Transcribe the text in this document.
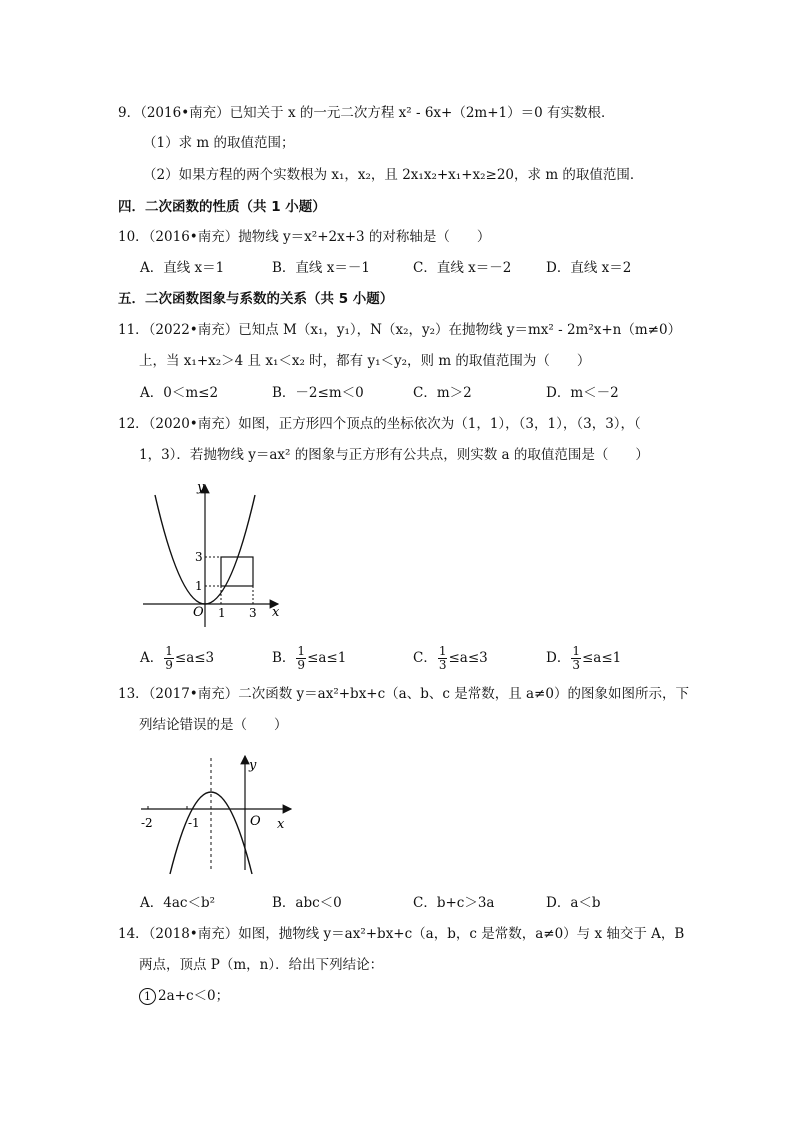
9．（2016•南充）已知关于 x 的一元二次方程 x² - 6x+（2m+1）＝0 有实数根．
（1）求 m 的取值范围；
（2）如果方程的两个实数根为 x₁，x₂，且 2x₁x₂+x₁+x₂≥20，求 m 的取值范围．
四．二次函数的性质（共 1 小题）
10．（2016•南充）抛物线 y＝x²+2x+3 的对称轴是（　　）
A．直线 x＝1	B．直线 x＝－1	C．直线 x＝－2	D．直线 x＝2
五．二次函数图象与系数的关系（共 5 小题）
11．（2022•南充）已知点 M（x₁，y₁），N（x₂，y₂）在抛物线 y＝mx² - 2m²x+n（m≠0）
上，当 x₁+x₂＞4 且 x₁＜x₂ 时，都有 y₁＜y₂，则 m 的取值范围为（　　）
A．0＜m≤2	B．－2≤m＜0	C．m＞2	D．m＜－2
12．（2020•南充）如图，正方形四个顶点的坐标依次为（1，1），（3，1），（3，3），（
1，3）．若抛物线 y＝ax² 的图象与正方形有公共点，则实数 a 的取值范围是（　　）
y
x
O 1 3
3
1
A． $\frac{1}{9} \le a\le 3$	B． $\frac{1}{9} \le a\le 1$	C． $\frac{1}{3} \le a\le 3$	D． $\frac{1}{3} \le a\le 1$
13．（2017•南充）二次函数 y＝ax²+bx+c（a、b、c 是常数，且 a≠0）的图象如图所示，下
列结论错误的是（　　）
y
x
O
-2	-1
A．4ac＜b²	B．abc＜0	C．b+c＞3a	D．a＜b
14．（2018•南充）如图，抛物线 y＝ax²+bx+c（a，b，c 是常数，a≠0）与 x 轴交于 A，B
两点，顶点 P（m，n）．给出下列结论：
1 2a+c＜0；
